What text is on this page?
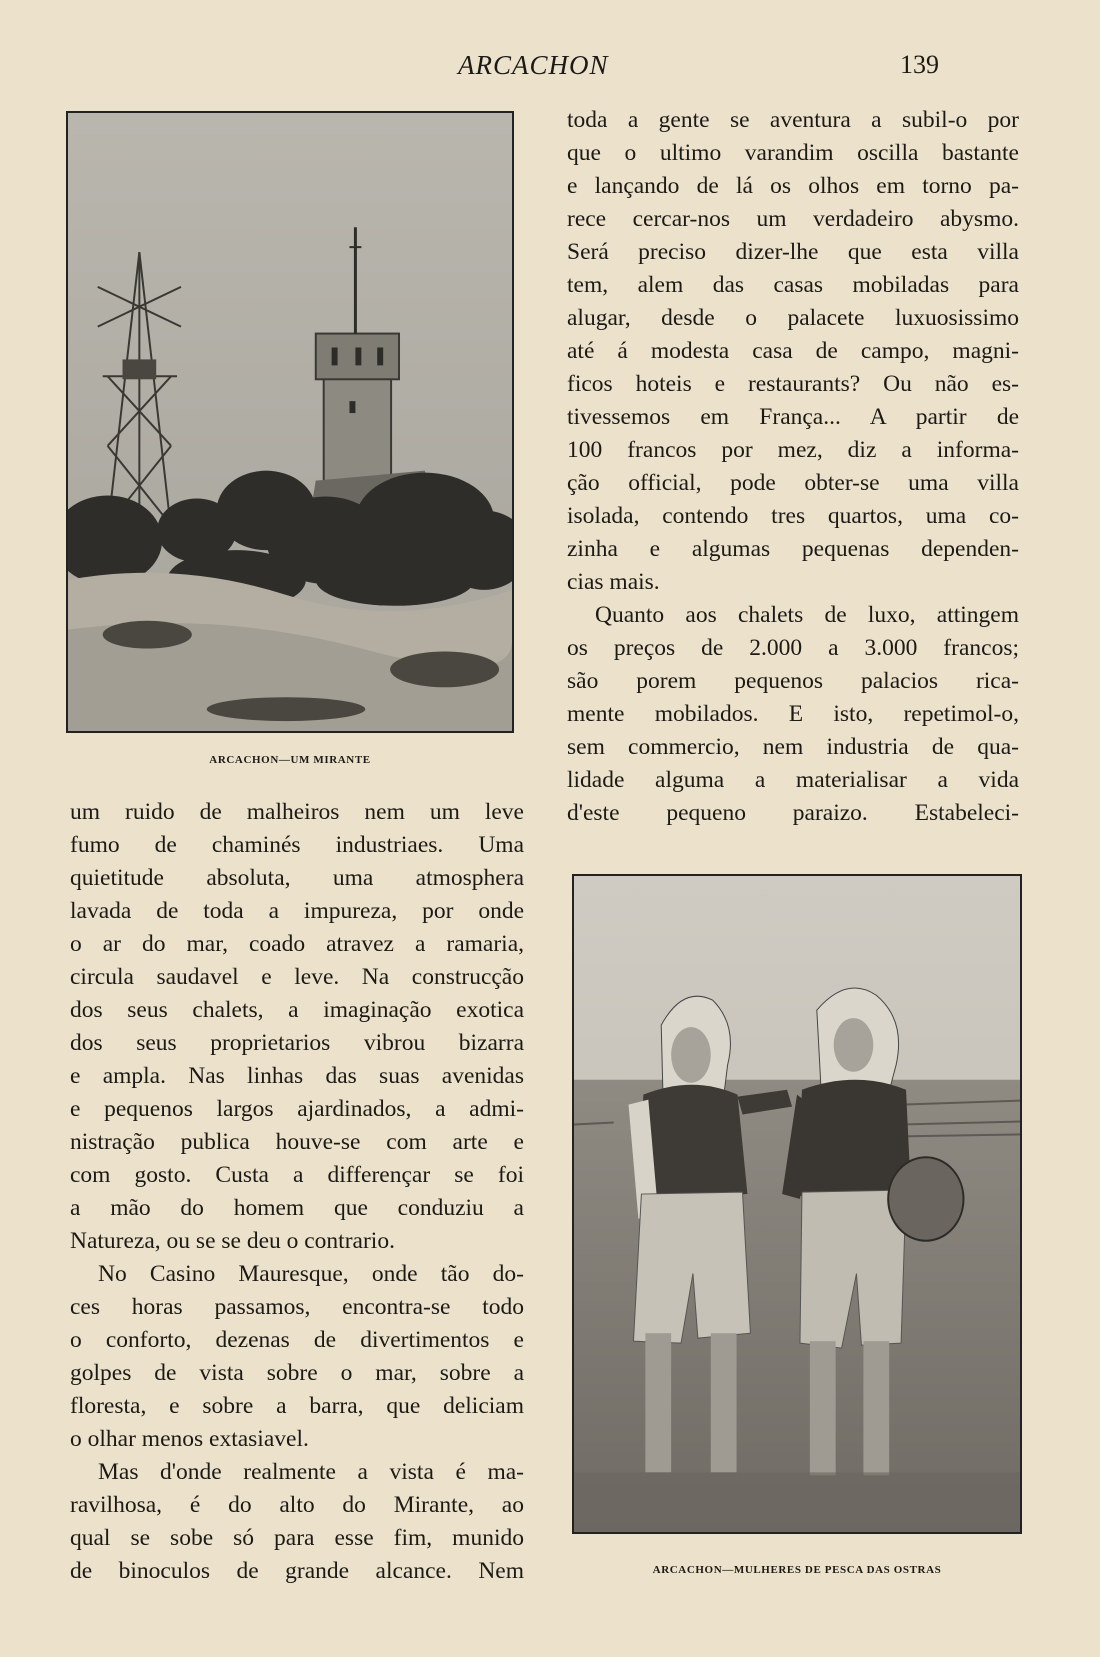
ARCACHON	139
ARCACHON—UM MIRANTE
toda a gente se aventura a subil-o por
que o ultimo varandim oscilla bastante
e lançando de lá os olhos em torno pa-
rece cercar-nos um verdadeiro abysmo.
Será preciso dizer-lhe que esta villa
tem, alem das casas mobiladas para
alugar, desde o palacete luxuosissimo
até á modesta casa de campo, magni-
ficos hoteis e restaurants? Ou não es-
tivessemos em França... A partir de
100 francos por mez, diz a informa-
ção official, pode obter-se uma villa
isolada, contendo tres quartos, uma co-
zinha e algumas pequenas dependen-
cias mais.
Quanto aos chalets de luxo, attingem
os preços de 2.000 a 3.000 francos;
são porem pequenos palacios rica-
mente mobilados. E isto, repetimol-o,
sem commercio, nem industria de qua-
lidade alguma a materialisar a vida
d'este pequeno paraizo. Estabeleci-
um ruido de malheiros nem um leve
fumo de chaminés industriaes. Uma
quietitude absoluta, uma atmosphera
lavada de toda a impureza, por onde
o ar do mar, coado atravez a ramaria,
circula saudavel e leve. Na construcção
dos seus chalets, a imaginação exotica
dos seus proprietarios vibrou bizarra
e ampla. Nas linhas das suas avenidas
e pequenos largos ajardinados, a admi-
nistração publica houve-se com arte e
com gosto. Custa a differençar se foi
a mão do homem que conduziu a
Natureza, ou se se deu o contrario.
No Casino Mauresque, onde tão do-
ces horas passamos, encontra-se todo
o conforto, dezenas de divertimentos e
golpes de vista sobre o mar, sobre a
floresta, e sobre a barra, que deliciam
o olhar menos extasiavel.
Mas d'onde realmente a vista é ma-
ravilhosa, é do alto do Mirante, ao
qual se sobe só para esse fim, munido
de binoculos de grande alcance. Nem	ARCACHON—MULHERES DE PESCA DAS OSTRAS
